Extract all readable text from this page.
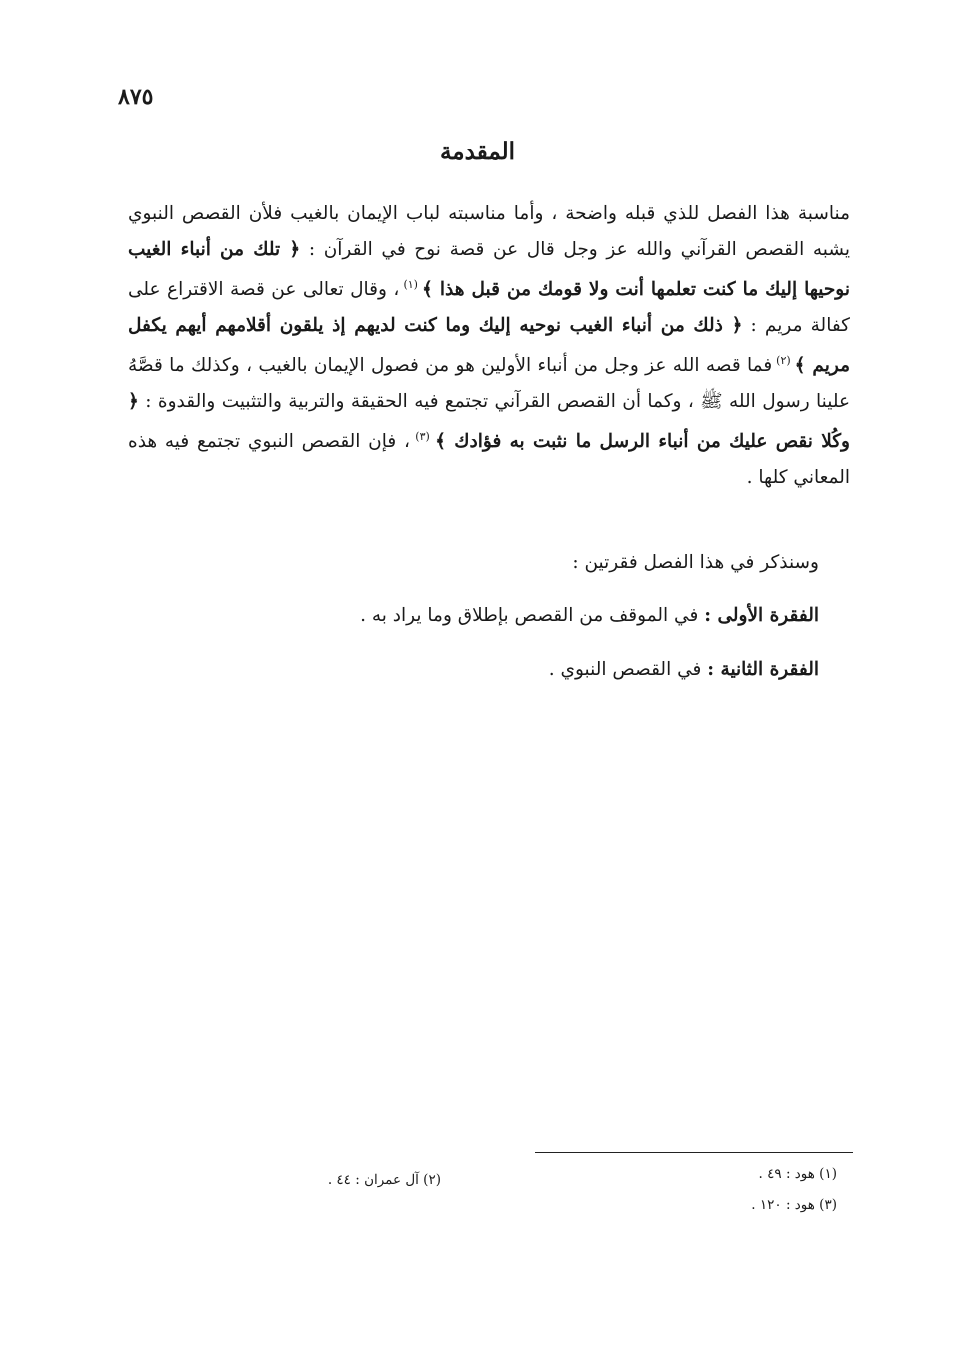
٨٧٥
المقدمة
مناسبة هذا الفصل للذي قبله واضحة ، وأما مناسبته لباب الإيمان بالغيب فلأن القصص النبوي يشبه القصص القرآني والله عز وجل قال عن قصة نوح في القرآن : ﴿ تلك من أنباء الغيب نوحيها إليك ما كنت تعلمها أنت ولا قومك من قبل هذا ﴾ $^{(١)}$ ، وقال تعالى عن قصة الاقتراع على كفالة مريم : ﴿ ذلك من أنباء الغيب نوحيه إليك وما كنت لديهم إذ يلقون أقلامهم أيهم يكفل مريم ﴾ $^{(٢)}$ فما قصه الله عز وجل من أنباء الأولين هو من فصول الإيمان بالغيب ، وكذلك ما قصَّهُ علينا رسول الله ﷺ ، وكما أن القصص القرآني تجتمع فيه الحقيقة والتربية والتثبيت والقدوة : ﴿ وكُلا نقص عليك من أنباء الرسل ما نثبت به فؤادك ﴾ $^{(٣)}$ ، فإن القصص النبوي تجتمع فيه هذه المعاني كلها .
وسنذكر في هذا الفصل فقرتين :
الفقرة الأولى : في الموقف من القصص بإطلاق وما يراد به .
الفقرة الثانية : في القصص النبوي .
(١) هود : ٤٩ .
(٢) آل عمران : ٤٤ .
(٣) هود : ١٢٠ .
